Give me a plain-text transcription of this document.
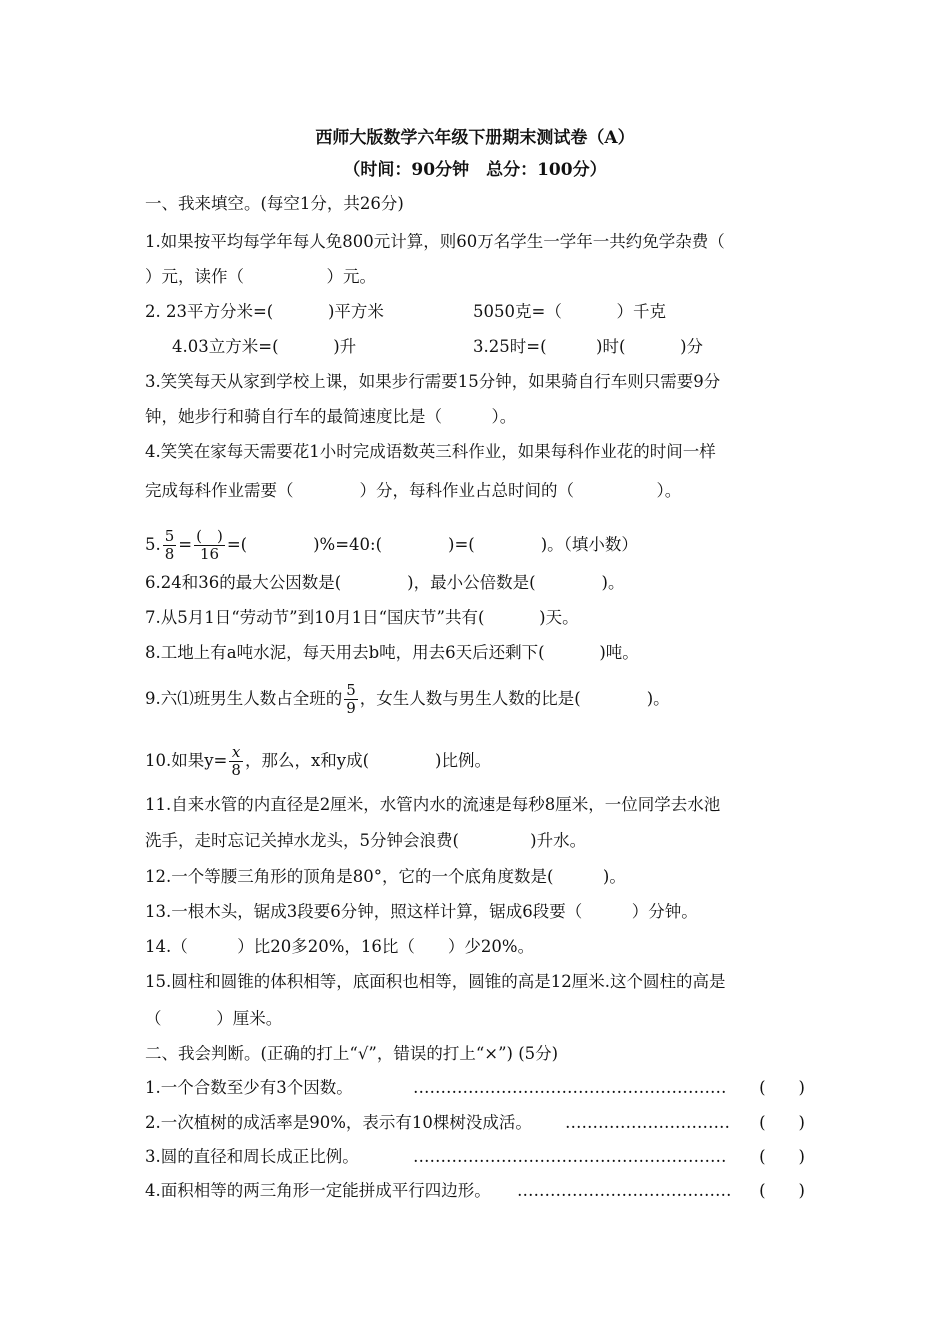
西师大版数学六年级下册期末测试卷（A）
（时间：90分钟　总分：100分）
一、我来填空。(每空1分，共26分)
1.如果按平均每学年每人免800元计算，则60万名学生一学年一共约免学杂费（
）元，读作（　　　　　）元。
2. 23平方分米=(　　　 )平方米	5050克=（　　　 ）千克
4.03立方米=(　　　 )升	3.25时=(　　　)时(　　　 )分
3.笑笑每天从家到学校上课，如果步行需要15分钟，如果骑自行车则只需要9分
钟，她步行和骑自行车的最简速度比是（　　　）。
4.笑笑在家每天需要花1小时完成语数英三科作业，如果每科作业花的时间一样
完成每科作业需要（　　　　）分，每科作业占总时间的（　　　　　）。
5. $\frac{5}{8} = \frac{( )}{16}$ =(　　　　)%=40:(　　　　)=(　　　　)。（填小数）
6.24和36的最大公因数是(　　　　)，最小公倍数是(　　　　)。
7.从5月1日“劳动节”到10月1日“国庆节”共有(　　　 )天。
8.工地上有a吨水泥，每天用去b吨，用去6天后还剩下(　　　 )吨。
9.六⑴班男生人数占全班的 $\frac{5}{9}$ ，女生人数与男生人数的比是(　　　　)。
10.如果$y= \frac{x}{8}$ ，那么，x和y成(　　　　)比例。
11.自来水管的内直径是2厘米，水管内水的流速是每秒8厘米，一位同学去水池
洗手，走时忘记关掉水龙头，5分钟会浪费(　　　　 )升水。
12.一个等腰三角形的顶角是80°，它的一个底角度数是(　　　)。
13.一根木头，锯成3段要6分钟，照这样计算，锯成6段要（　　　）分钟。
14.（　　　）比20多20%，16比（　　）少20%。
15.圆柱和圆锥的体积相等，底面积也相等，圆锥的高是12厘米.这个圆柱的高是
（　　　 ）厘米。
二、我会判断。(正确的打上“√”，错误的打上“×”) (5分)
1.一个合数至少有3个因数。	…………………………………………………	(　　)
2.一次植树的成活率是90%，表示有10棵树没成活。 …………………………	(　　)
3.圆的直径和周长成正比例。	…………………………………………………	(　　)
4.面积相等的两三角形一定能拼成平行四边形。 …………………………………	(　　)
